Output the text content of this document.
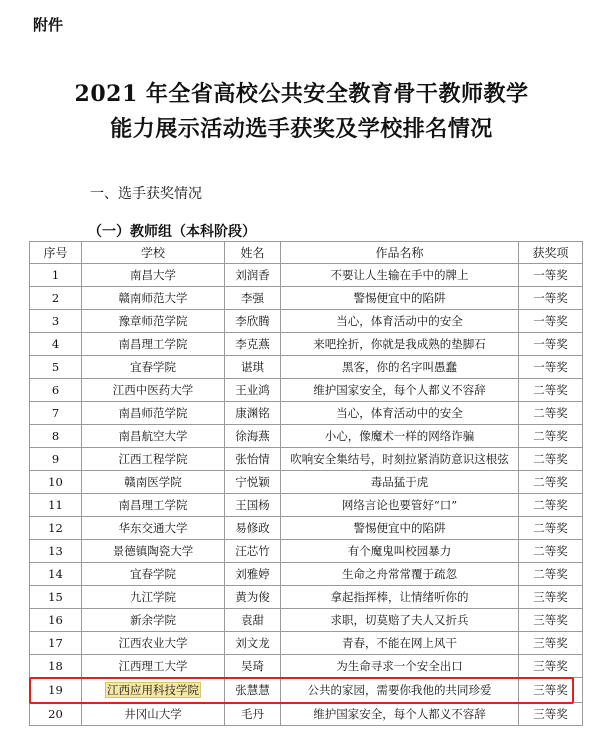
附件
2021 年全省高校公共安全教育骨干教师教学
能力展示活动选手获奖及学校排名情况
一、选手获奖情况
（一）教师组（本科阶段）
序号	学校	姓名	作品名称	获奖项
1	南昌大学	刘润香	不要让人生输在手中的牌上	一等奖
2	赣南师范大学	李强	警惕便宜中的陷阱	一等奖
3	豫章师范学院	李欣腾	当心，体育活动中的安全	一等奖
4	南昌理工学院	李克燕	来吧拴折，你就是我成熟的垫脚石	一等奖
5	宜春学院	谌琪	黑客，你的名字叫愚蠢	一等奖
6	江西中医药大学	王业鸿	维护国家安全，每个人都义不容辞	二等奖
7	南昌师范学院	康渊铭	当心，体育活动中的安全	二等奖
8	南昌航空大学	徐海燕	小心，像魔术一样的网络诈骗	二等奖
9	江西工程学院	张怡情	吹响安全集结号，时刻拉紧消防意识这根弦	二等奖
10	赣南医学院	宁悦颖	毒品猛于虎	二等奖
11	南昌理工学院	王国杨	网络言论也要管好“口”	二等奖
12	华东交通大学	易修政	警惕便宜中的陷阱	二等奖
13	景德镇陶瓷大学	汪芯竹	有个魔鬼叫校园暴力	二等奖
14	宜春学院	刘雅婷	生命之舟常常覆于疏忽	二等奖
15	九江学院	黄为俊	拿起指挥棒，让情绪听你的	三等奖
16	新余学院	袁甜	求职，切莫赔了夫人又折兵	三等奖
17	江西农业大学	刘文龙	青春，不能在网上风干	三等奖
18	江西理工大学	吴琦	为生命寻求一个安全出口	三等奖
19	江西应用科技学院	张慧慧	公共的家园，需要你我他的共同珍爱	三等奖
20	井冈山大学	毛丹	维护国家安全，每个人都义不容辞	三等奖
